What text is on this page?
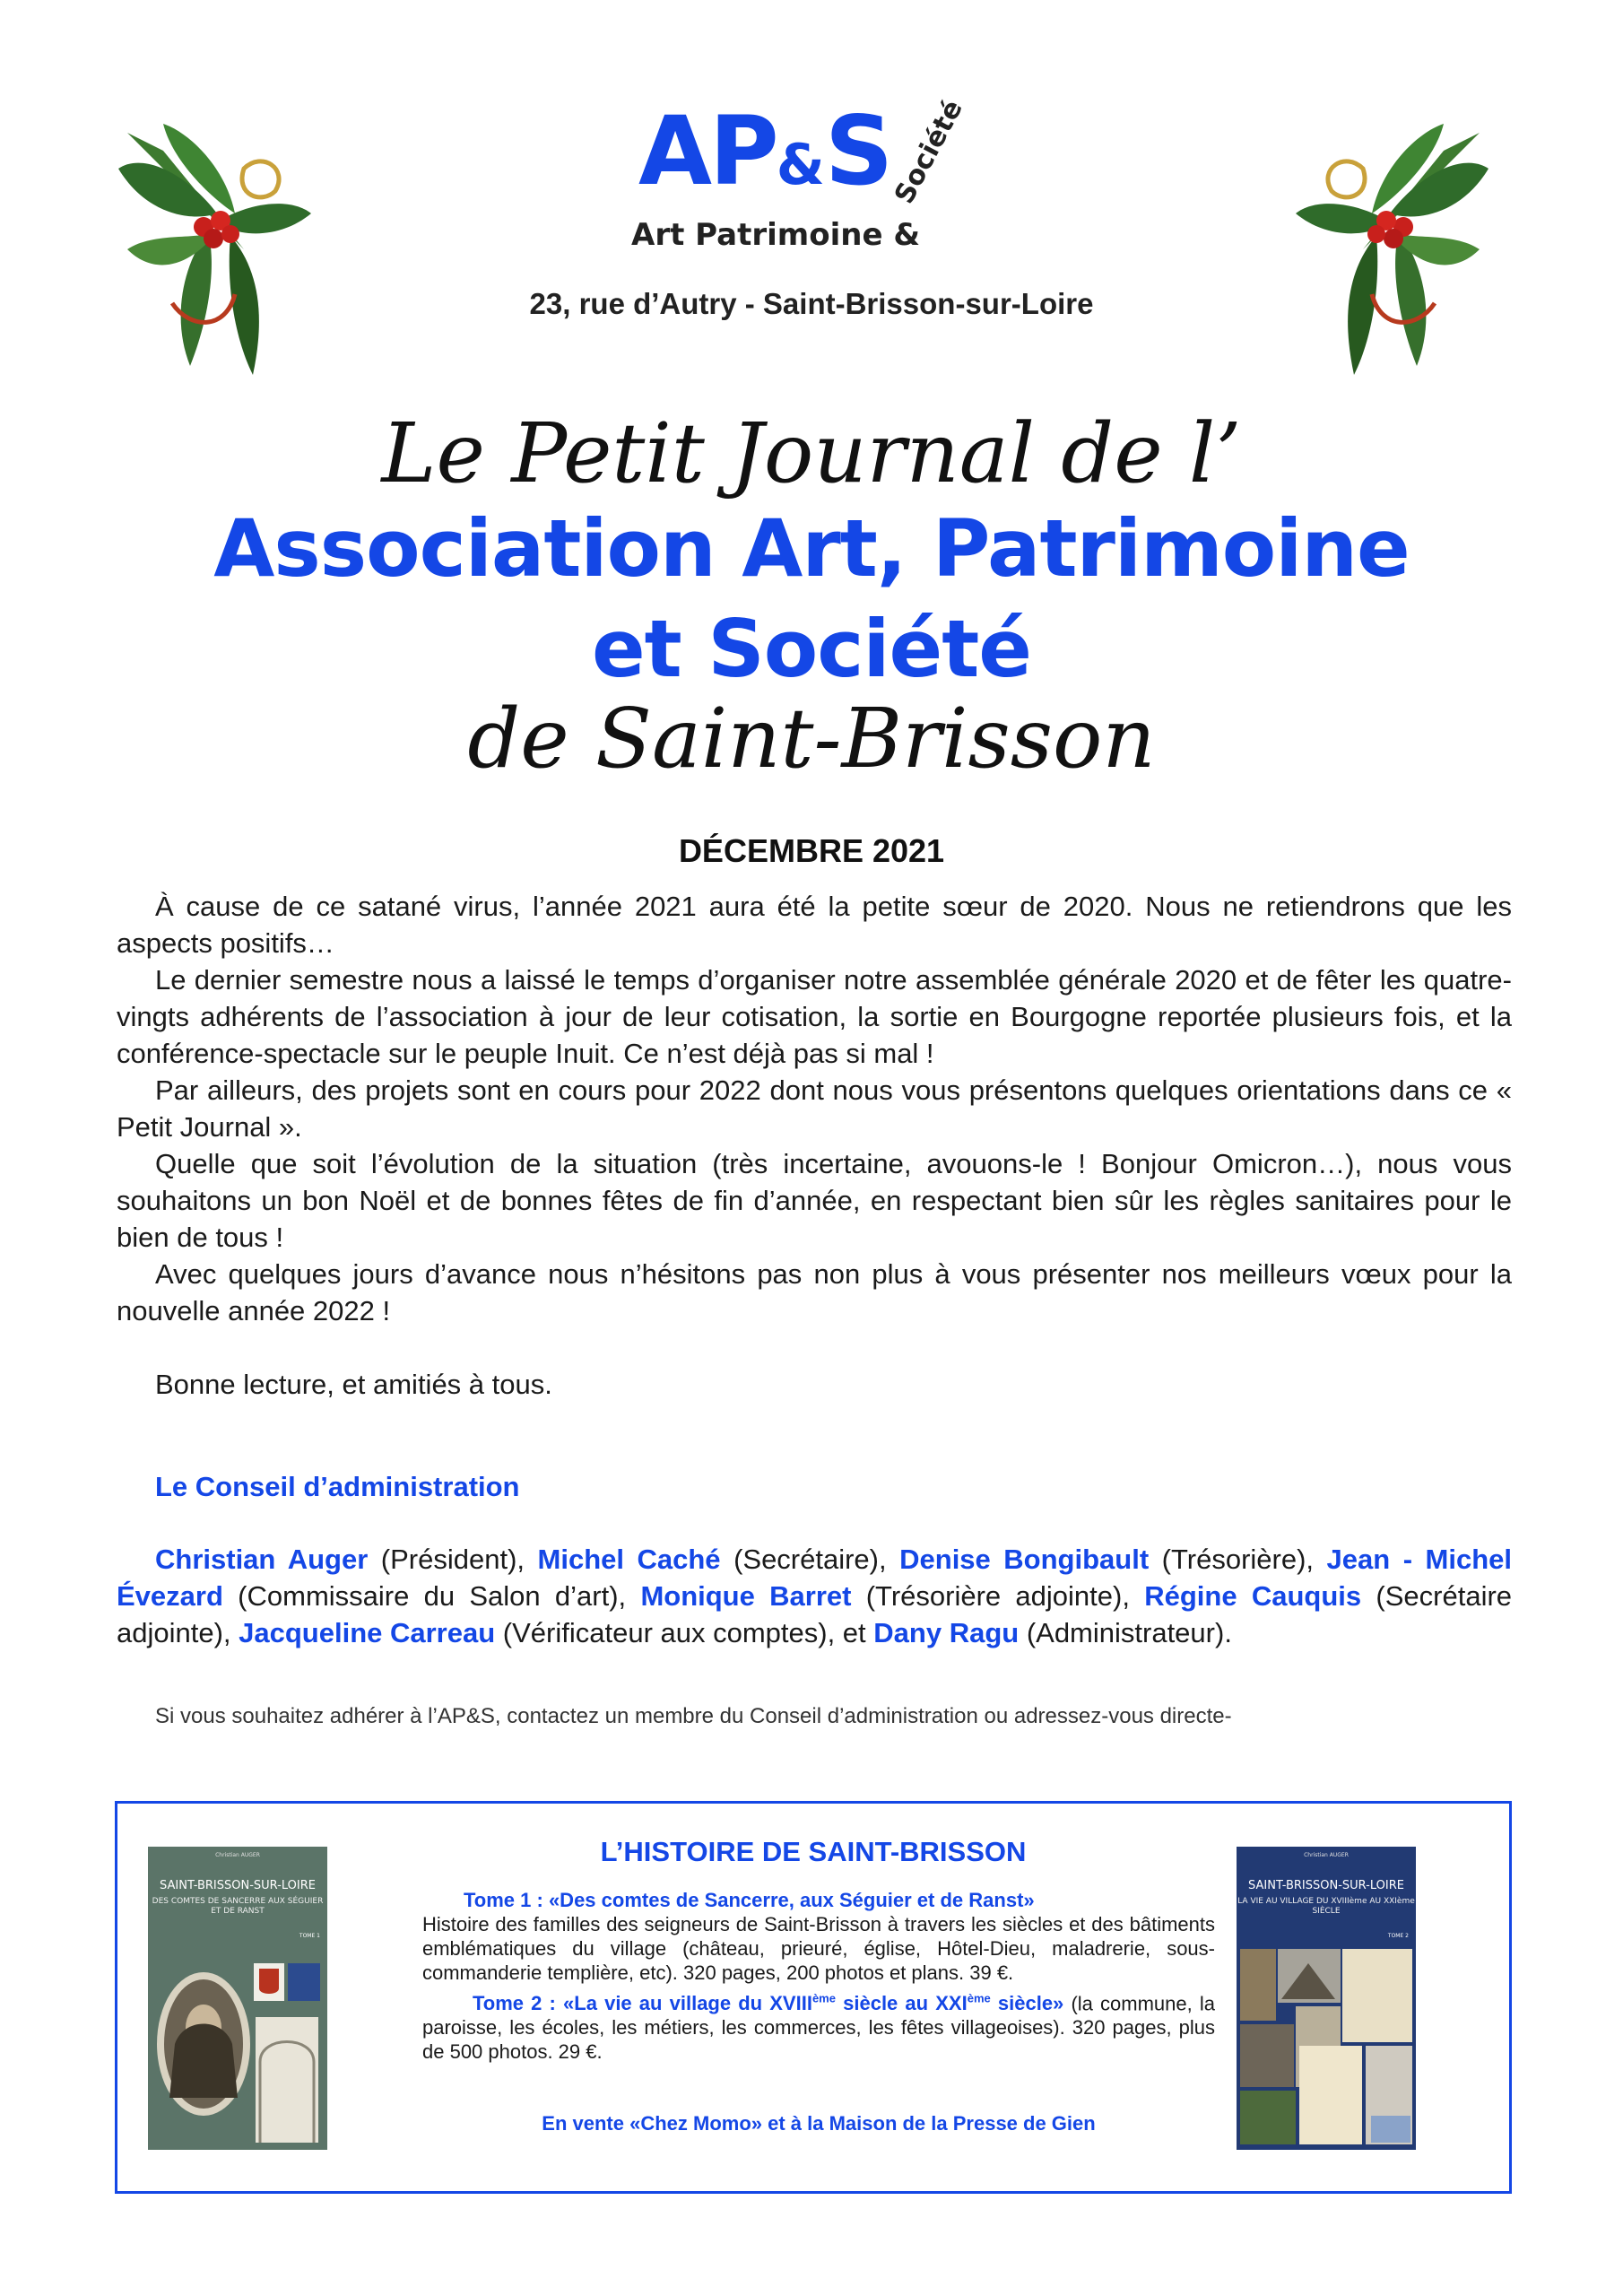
AP&S
Art Patrimoine &
Société
23, rue d’Autry - Saint-Brisson-sur-Loire
Le Petit Journal de l’
Association Art, Patrimoine
et Société
de Saint-Brisson
DÉCEMBRE 2021

À cause de ce satané virus, l’année 2021 aura été la petite sœur de 2020. Nous ne retiendrons que les aspects positifs…

Le dernier semestre nous a laissé le temps d’organiser notre assemblée générale 2020 et de fêter les quatre-vingts adhérents de l’association à jour de leur cotisation, la sortie en Bourgogne reportée plusieurs fois, et la conférence-spectacle sur le peuple Inuit. Ce n’est déjà pas si mal !

Par ailleurs, des projets sont en cours pour 2022 dont nous vous présentons quelques orientations dans ce « Petit Journal ».

Quelle que soit l’évolution de la situation (très incertaine, avouons-le ! Bonjour Omicron…), nous vous souhaitons un bon Noël et de bonnes fêtes de fin d’année, en respectant bien sûr les règles sanitaires pour le bien de tous !

Avec quelques jours d’avance nous n’hésitons pas non plus à vous présenter nos meilleurs vœux pour la nouvelle année 2022 !

Bonne lecture, et amitiés à tous.

Le Conseil d’administration
Christian Auger (Président), Michel Caché (Secrétaire), Denise Bongibault (Trésorière), Jean - Michel Évezard (Commissaire du Salon d’art), Monique Barret (Trésorière adjointe), Régine Cauquis (Secrétaire adjointe), Jacqueline Carreau (Vérificateur aux comptes), et Dany Ragu (Administrateur).
Si vous souhaitez adhérer à l’AP&S, contactez un membre du Conseil d’administration ou adressez-vous directe-
Christian AUGER
SAINT-BRISSON-SUR-LOIRE
DES COMTES DE SANCERRE AUX SÉGUIER ET DE RANST
TOME 1
L’HISTOIRE DE SAINT-BRISSON

Tome 1 : «Des comtes de Sancerre, aux Séguier et de Ranst»
Histoire des familles des seigneurs de Saint-Brisson à travers les siècles et des bâtiments emblématiques du village (château, prieuré, église, Hôtel-Dieu, maladrerie, sous-commanderie templière, etc). 320 pages, 200 photos et plans. 39 €.

Tome 2 : «La vie au village du XVIIIème siècle au XXIème siècle» (la commune, la paroisse, les écoles, les métiers, les commerces, les fêtes villageoises). 320 pages, plus de 500 photos. 29 €.

En vente «Chez Momo» et à la Maison de la Presse de Gien
Christian AUGER
SAINT-BRISSON-SUR-LOIRE
LA VIE AU VILLAGE DU XVIIIème AU XXIème SIÈCLE
TOME 2
